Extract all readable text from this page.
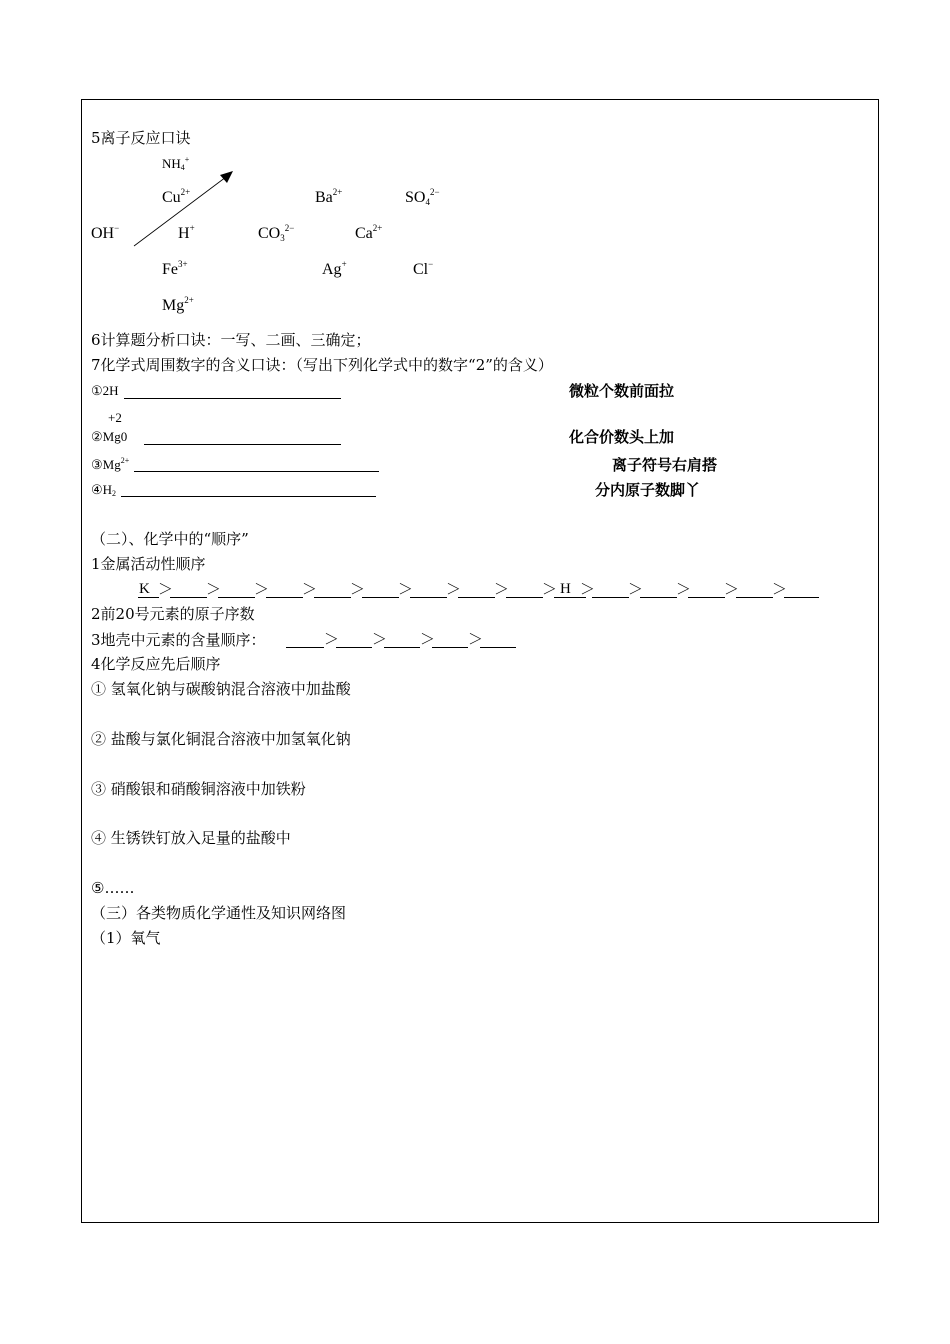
5离子反应口诀
$NH_4^+$
$Cu^{2+}$	$Ba^{2+}$	$SO_4^{2-}$
OH−	H+	$CO_3^{2-}$	$Ca^{2+}$
$Fe^{3+}$	Ag+	Cl−
$Mg^{2+}$
6计算题分析口诀：一写、二画、三确定；
7化学式周围数字的含义口诀：（写出下列化学式中的数字“2”的含义）
①2H	微粒个数前面拉
+2
②Mg0	化合价数头上加
$③Mg^{2+}$	离子符号右肩搭
$④H_2$	分内原子数脚丫
（二）、化学中的“顺序”
1金属活动性顺序
K ＞ ＞ ＞ ＞ ＞ ＞ ＞ ＞ ＞ H ＞ ＞ ＞ ＞ ＞
2前20号元素的原子序数
3地壳中元素的含量顺序：	＞ ＞ ＞ ＞
4化学反应先后顺序
① 氢氧化钠与碳酸钠混合溶液中加盐酸
② 盐酸与氯化铜混合溶液中加氢氧化钠
③ 硝酸银和硝酸铜溶液中加铁粉
④ 生锈铁钉放入足量的盐酸中
⑤……
（三）各类物质化学通性及知识网络图
（1）氧气
